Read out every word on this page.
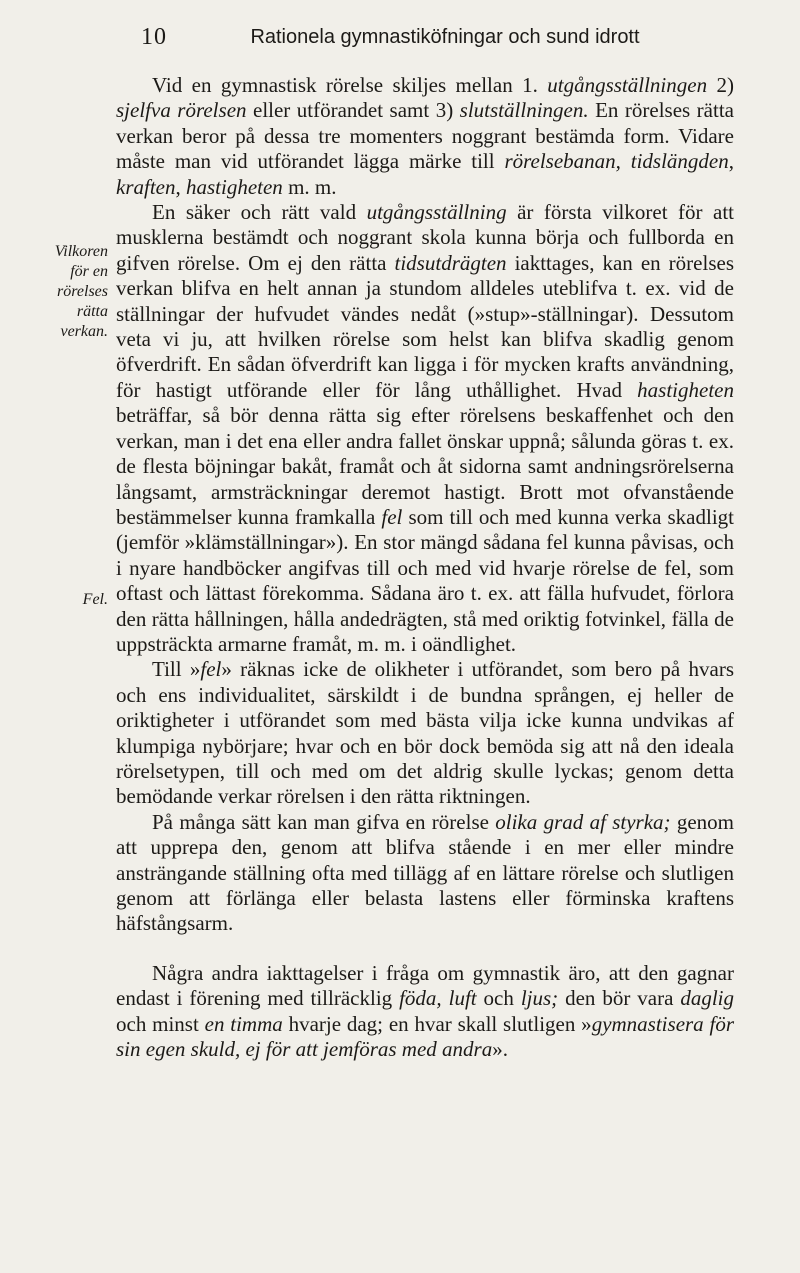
10	Rationela gymnastiköfningar och sund idrott
Vilkoren
för en
rörelses
rätta
verkan.
Fel.

Vid en gymnastisk rörelse skiljes mellan 1. utgångsställningen 2) sjelfva rörelsen eller utförandet samt 3) slutställningen. En rörelses rätta verkan beror på dessa tre momenters noggrant bestämda form. Vidare måste man vid utförandet lägga märke till rörelsebanan, tidslängden, kraften, hastigheten m. m.

En säker och rätt vald utgångsställning är första vilkoret för att musklerna bestämdt och noggrant skola kunna börja och fullborda en gifven rörelse. Om ej den rätta tidsutdrägten iakttages, kan en rörelses verkan blifva en helt annan ja stundom alldeles uteblifva t. ex. vid de ställningar der hufvudet vändes nedåt (»stup»-ställningar). Dessutom veta vi ju, att hvilken rörelse som helst kan blifva skadlig genom öfverdrift. En sådan öfverdrift kan ligga i för mycken krafts användning, för hastigt utförande eller för lång uthållighet. Hvad hastigheten beträffar, så bör denna rätta sig efter rörelsens beskaffenhet och den verkan, man i det ena eller andra fallet önskar uppnå; sålunda göras t. ex. de flesta böjningar bakåt, framåt och åt sidorna samt andningsrörelserna långsamt, armsträckningar deremot hastigt. Brott mot ofvanstående bestämmelser kunna framkalla fel som till och med kunna verka skadligt (jemför »klämställningar»). En stor mängd sådana fel kunna påvisas, och i nyare handböcker angifvas till och med vid hvarje rörelse de fel, som oftast och lättast förekomma. Sådana äro t. ex. att fälla hufvudet, förlora den rätta hållningen, hålla andedrägten, stå med oriktig fotvinkel, fälla de uppsträckta armarne framåt, m. m. i oändlighet.

Till »fel» räknas icke de olikheter i utförandet, som bero på hvars och ens individualitet, särskildt i de bundna sprången, ej heller de oriktigheter i utförandet som med bästa vilja icke kunna undvikas af klumpiga nybörjare; hvar och en bör dock bemöda sig att nå den ideala rörelsetypen, till och med om det aldrig skulle lyckas; genom detta bemödande verkar rörelsen i den rätta riktningen.

På många sätt kan man gifva en rörelse olika grad af styrka; genom att upprepa den, genom att blifva stående i en mer eller mindre ansträngande ställning ofta med tillägg af en lättare rörelse och slutligen genom att förlänga eller belasta lastens eller förminska kraftens häfstångsarm.

Några andra iakttagelser i fråga om gymnastik äro, att den gagnar endast i förening med tillräcklig föda, luft och ljus; den bör vara daglig och minst en timma hvarje dag; en hvar skall slutligen »gymnastisera för sin egen skuld, ej för att jemföras med andra».
